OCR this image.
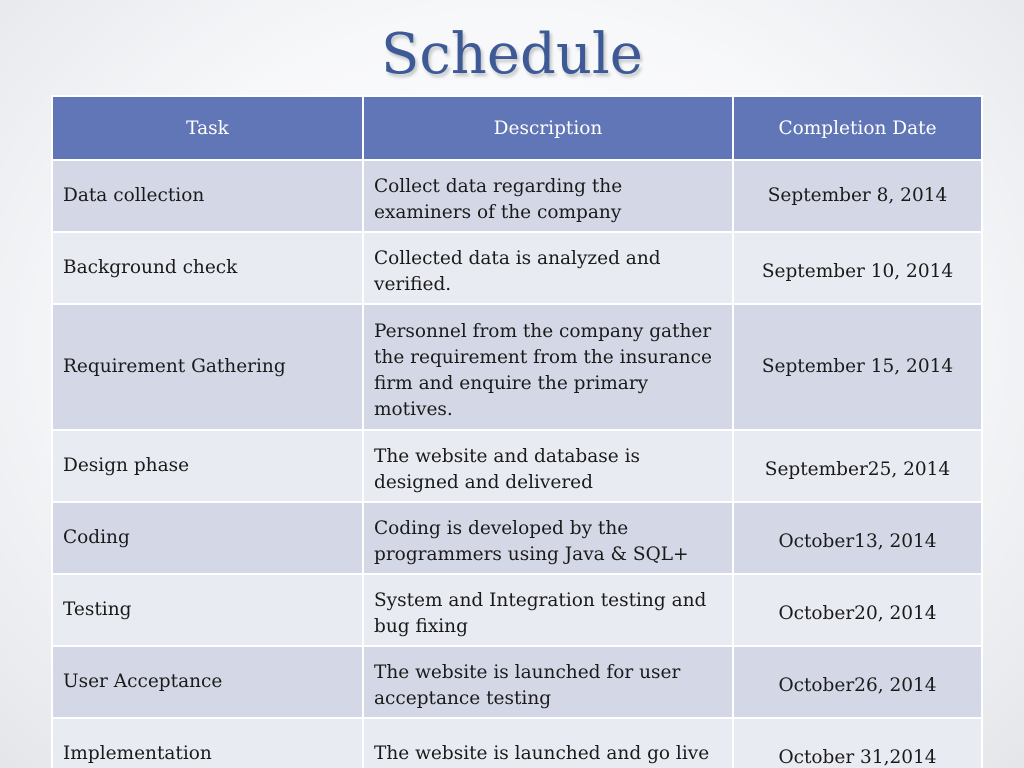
Schedule
Task	Description	Completion Date
Data collection	Collect data regarding the examiners of the company	September 8, 2014
Background check	Collected data is analyzed and verified.	September 10, 2014
Requirement Gathering	Personnel from the company gather the requirement from the insurance firm and enquire the primary motives.	September 15, 2014
Design phase	The website and database is designed and delivered	September25, 2014
Coding	Coding is developed by the programmers using Java & SQL+	October13, 2014
Testing	System and Integration testing and bug fixing	October20, 2014
User Acceptance	The website is launched for user acceptance testing	October26, 2014
Implementation	The website is launched and go live	October 31,2014
